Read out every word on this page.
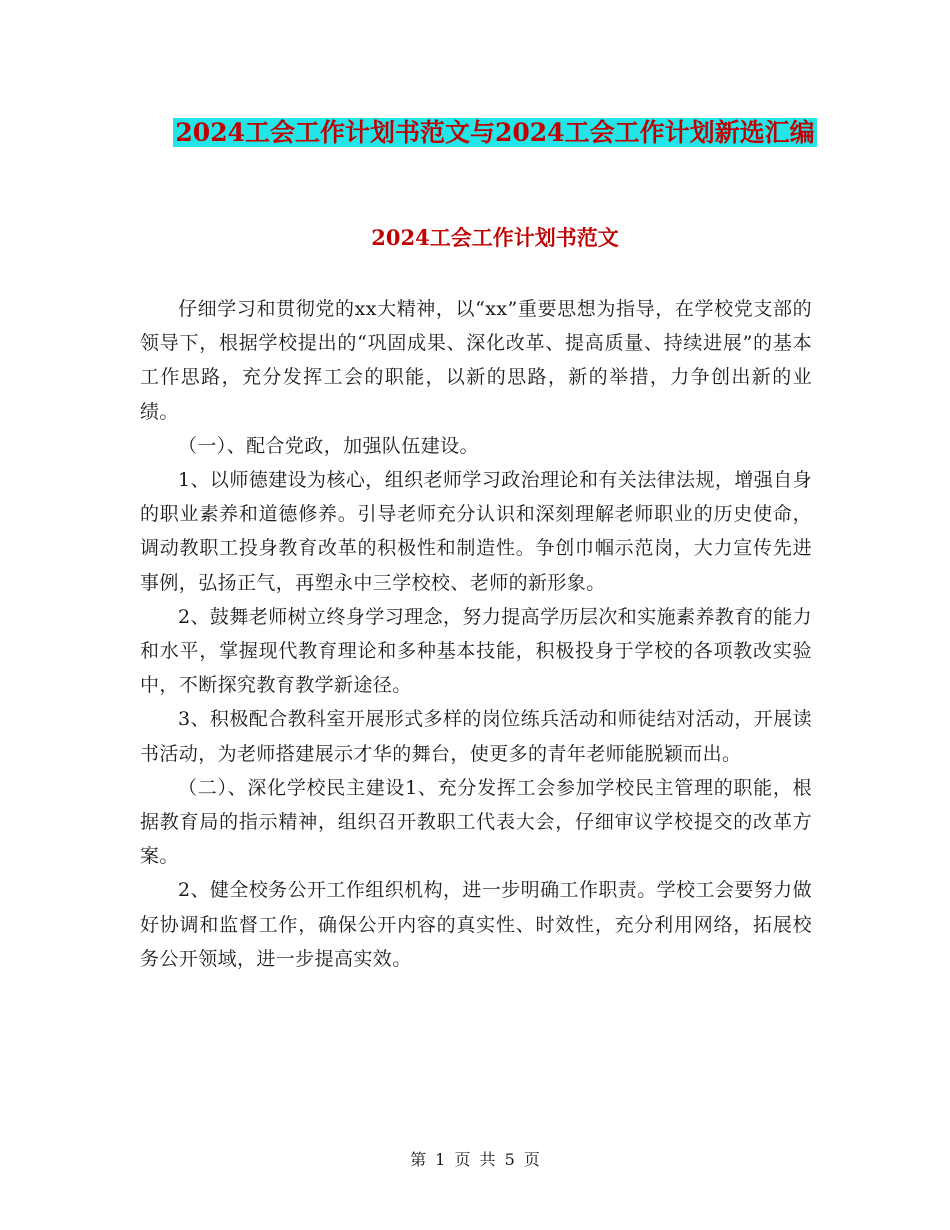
2024工会工作计划书范文与2024工会工作计划新选汇编
2024工会工作计划书范文

仔细学习和贯彻党的xx大精神，以“xx”重要思想为指导，在学校党支部的领导下，根据学校提出的“巩固成果、深化改革、提高质量、持续进展”的基本工作思路，充分发挥工会的职能，以新的思路，新的举措，力争创出新的业绩。

（一）、配合党政，加强队伍建设。

1、以师德建设为核心，组织老师学习政治理论和有关法律法规，增强自身的职业素养和道德修养。引导老师充分认识和深刻理解老师职业的历史使命，调动教职工投身教育改革的积极性和制造性。争创巾帼示范岗，大力宣传先进事例，弘扬正气，再塑永中三学校校、老师的新形象。

2、鼓舞老师树立终身学习理念，努力提高学历层次和实施素养教育的能力和水平，掌握现代教育理论和多种基本技能，积极投身于学校的各项教改实验中，不断探究教育教学新途径。

3、积极配合教科室开展形式多样的岗位练兵活动和师徒结对活动，开展读书活动，为老师搭建展示才华的舞台，使更多的青年老师能脱颖而出。

（二）、深化学校民主建设1、充分发挥工会参加学校民主管理的职能，根据教育局的指示精神，组织召开教职工代表大会，仔细审议学校提交的改革方案。

2、健全校务公开工作组织机构，进一步明确工作职责。学校工会要努力做好协调和监督工作，确保公开内容的真实性、时效性，充分利用网络，拓展校务公开领域，进一步提高实效。

第 1 页 共 5 页
